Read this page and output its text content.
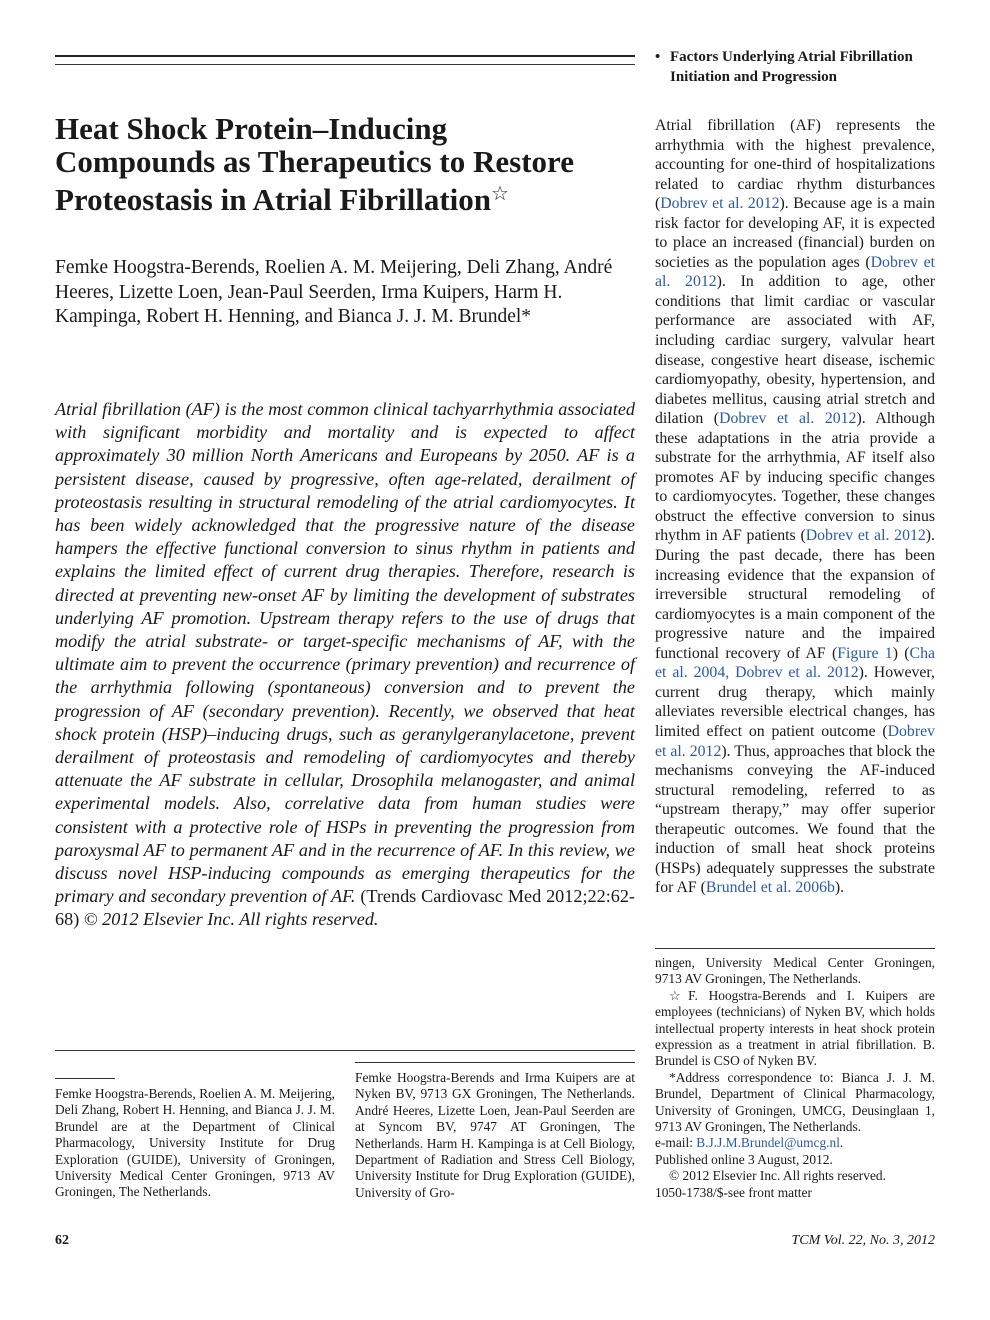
Heat Shock Protein–Inducing Compounds as Therapeutics to Restore Proteostasis in Atrial Fibrillation☆
Femke Hoogstra-Berends, Roelien A. M. Meijering, Deli Zhang, André Heeres, Lizette Loen, Jean-Paul Seerden, Irma Kuipers, Harm H. Kampinga, Robert H. Henning, and Bianca J. J. M. Brundel*
Atrial fibrillation (AF) is the most common clinical tachyarrhythmia associated with significant morbidity and mortality and is expected to affect approximately 30 million North Americans and Europeans by 2050. AF is a persistent disease, caused by progressive, often age-related, derailment of proteostasis resulting in structural remodeling of the atrial cardiomyocytes. It has been widely acknowledged that the progressive nature of the disease hampers the effective functional conversion to sinus rhythm in patients and explains the limited effect of current drug therapies. Therefore, research is directed at preventing new-onset AF by limiting the development of substrates underlying AF promotion. Upstream therapy refers to the use of drugs that modify the atrial substrate- or target-specific mechanisms of AF, with the ultimate aim to prevent the occurrence (primary prevention) and recurrence of the arrhythmia following (spontaneous) conversion and to prevent the progression of AF (secondary prevention). Recently, we observed that heat shock protein (HSP)–inducing drugs, such as geranylgeranylacetone, prevent derailment of proteostasis and remodeling of cardiomyocytes and thereby attenuate the AF substrate in cellular, Drosophila melanogaster, and animal experimental models. Also, correlative data from human studies were consistent with a protective role of HSPs in preventing the progression from paroxysmal AF to permanent AF and in the recurrence of AF. In this review, we discuss novel HSP-inducing compounds as emerging therapeutics for the primary and secondary prevention of AF. (Trends Cardiovasc Med 2012;22:62-68) © 2012 Elsevier Inc. All rights reserved.
Femke Hoogstra-Berends, Roelien A. M. Meijering, Deli Zhang, Robert H. Henning, and Bianca J. J. M. Brundel are at the Department of Clinical Pharmacology, University Institute for Drug Exploration (GUIDE), University of Groningen, University Medical Center Groningen, 9713 AV Groningen, The Netherlands.
Femke Hoogstra-Berends and Irma Kuipers are at Nyken BV, 9713 GX Groningen, The Netherlands. André Heeres, Lizette Loen, Jean-Paul Seerden are at Syncom BV, 9747 AT Groningen, The Netherlands. Harm H. Kampinga is at Cell Biology, Department of Radiation and Stress Cell Biology, University Institute for Drug Exploration (GUIDE), University of Gro-
• Factors Underlying Atrial Fibrillation Initiation and Progression
Atrial fibrillation (AF) represents the arrhythmia with the highest prevalence, accounting for one-third of hospitalizations related to cardiac rhythm disturbances (Dobrev et al. 2012). Because age is a main risk factor for developing AF, it is expected to place an increased (financial) burden on societies as the population ages (Dobrev et al. 2012). In addition to age, other conditions that limit cardiac or vascular performance are associated with AF, including cardiac surgery, valvular heart disease, congestive heart disease, ischemic cardiomyopathy, obesity, hypertension, and diabetes mellitus, causing atrial stretch and dilation (Dobrev et al. 2012). Although these adaptations in the atria provide a substrate for the arrhythmia, AF itself also promotes AF by inducing specific changes to cardiomyocytes. Together, these changes obstruct the effective conversion to sinus rhythm in AF patients (Dobrev et al. 2012). During the past decade, there has been increasing evidence that the expansion of irreversible structural remodeling of cardiomyocytes is a main component of the progressive nature and the impaired functional recovery of AF (Figure 1) (Cha et al. 2004, Dobrev et al. 2012). However, current drug therapy, which mainly alleviates reversible electrical changes, has limited effect on patient outcome (Dobrev et al. 2012). Thus, approaches that block the mechanisms conveying the AF-induced structural remodeling, referred to as “upstream therapy,” may offer superior therapeutic outcomes. We found that the induction of small heat shock proteins (HSPs) adequately suppresses the substrate for AF (Brundel et al. 2006b).

ningen, University Medical Center Groningen, 9713 AV Groningen, The Netherlands.

☆F. Hoogstra-Berends and I. Kuipers are employees (technicians) of Nyken BV, which holds intellectual property interests in heat shock protein expression as a treatment in atrial fibrillation. B. Brundel is CSO of Nyken BV.

*Address correspondence to: Bianca J. J. M. Brundel, Department of Clinical Pharmacology, University of Groningen, UMCG, Deusinglaan 1, 9713 AV Groningen, The Netherlands.

e-mail: B.J.J.M.Brundel@umcg.nl.

Published online 3 August, 2012.

© 2012 Elsevier Inc. All rights reserved.

1050-1738/$-see front matter

62	TCM Vol. 22, No. 3, 2012
